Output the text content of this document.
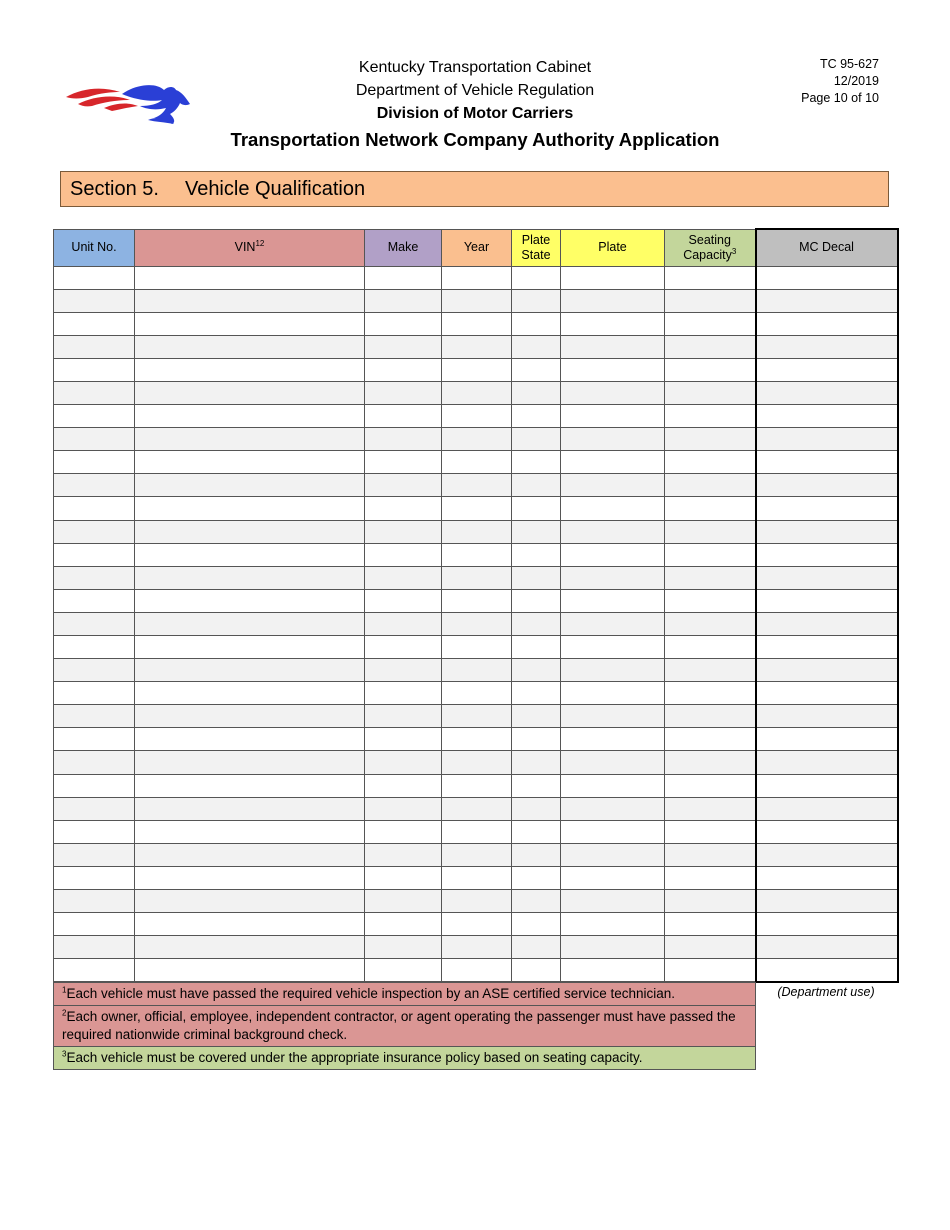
Kentucky Transportation Cabinet
Department of Vehicle Regulation
Division of Motor Carriers
Transportation Network Company Authority Application
TC 95-627
12/2019
Page 10 of 10
Section 5. Vehicle Qualification
Unit No.	VIN$^{12}$	Make	Year	Plate State	Plate	Seating Capacity$^3$	MC Decal

$^1$Each vehicle must have passed the required vehicle inspection by an ASE certified service technician.
$^2$Each owner, official, employee, independent contractor, or agent operating the passenger must have passed the required nationwide criminal background check.
$^3$Each vehicle must be covered under the appropriate insurance policy based on seating capacity.
(Department use)
